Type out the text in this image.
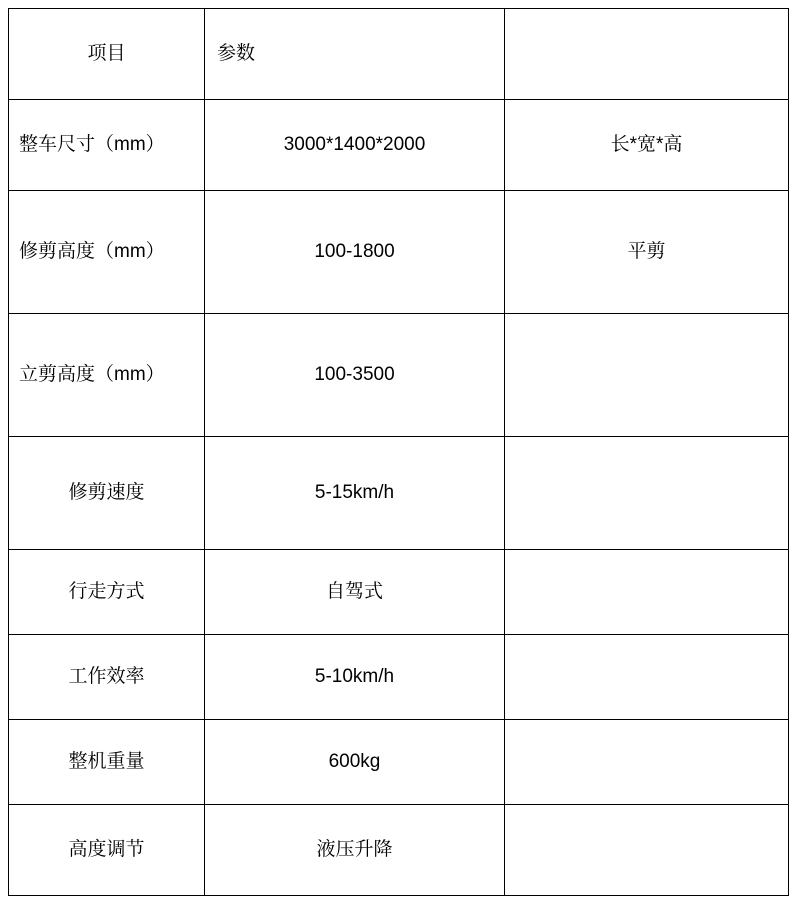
项目	参数	
整车尺寸（mm）	3000*1400*2000	长*宽*高
修剪高度（mm）	100-1800	平剪
立剪高度（mm）	100-3500	
修剪速度	5-15km/h	
行走方式	自驾式	
工作效率	5-10km/h	
整机重量	600kg	
高度调节	液压升降	
